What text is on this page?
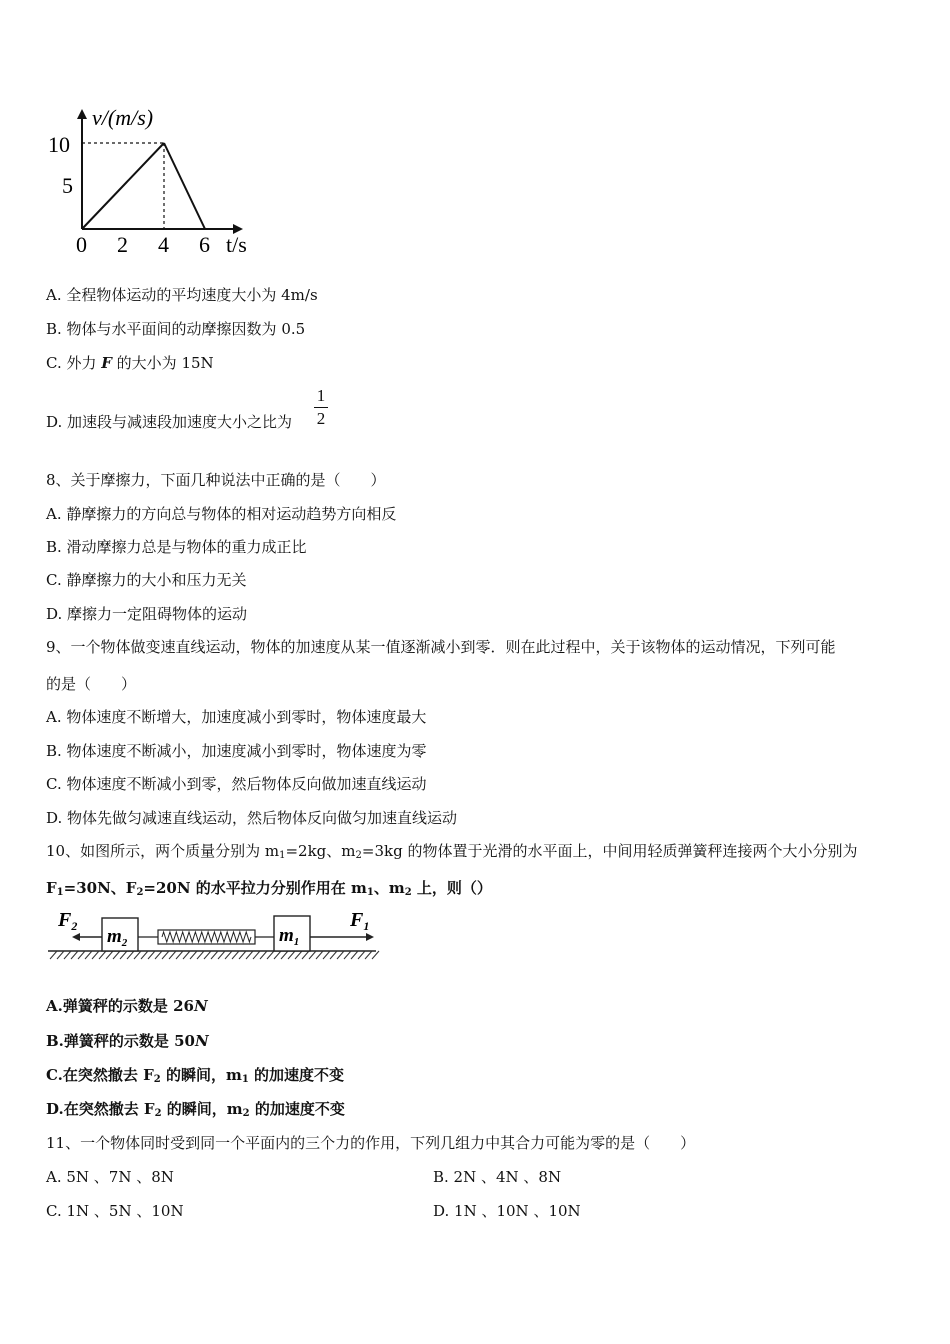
v/(m/s)
t/s
10
5
0 2 4 6
A. 全程物体运动的平均速度大小为 4m/s
B. 物体与水平面间的动摩擦因数为 0.5
C. 外力 F 的大小为 15N
D. 加速段与减速段加速度大小之比为
1
2
8、关于摩擦力，下面几种说法中正确的是（　　）
A. 静摩擦力的方向总与物体的相对运动趋势方向相反
B. 滑动摩擦力总是与物体的重力成正比
C. 静摩擦力的大小和压力无关
D. 摩擦力一定阻碍物体的运动
9、一个物体做变速直线运动，物体的加速度从某一值逐渐减小到零．则在此过程中，关于该物体的运动情况，下列可能
的是（　　）
A. 物体速度不断增大，加速度减小到零时，物体速度最大
B. 物体速度不断减小，加速度减小到零时，物体速度为零
C. 物体速度不断减小到零，然后物体反向做加速直线运动
D. 物体先做匀减速直线运动，然后物体反向做匀加速直线运动
10、如图所示，两个质量分别为 $m_1=2kg$、$m_2=3kg$ 的物体置于光滑的水平面上，中间用轻质弹簧秤连接两个大小分别为
$F_1=30N$、$F_2=20N$ 的水平拉力分别作用在 $m_1$、$m_2$ 上，则（）
$F_2$ $m_2$	$m_1$
$F_1$
A.弹簧秤的示数是 26N
B.弹簧秤的示数是 50N
C.在突然撤去 $F_2$ 的瞬间，$m_1$ 的加速度不变
D.在突然撤去 $F_2$ 的瞬间，$m_2$ 的加速度不变
11、一个物体同时受到同一个平面内的三个力的作用，下列几组力中其合力可能为零的是（　　）
A. 5N 、7N 、8N	B. 2N 、4N 、8N
C. 1N 、5N 、10N	D. 1N 、10N 、10N
